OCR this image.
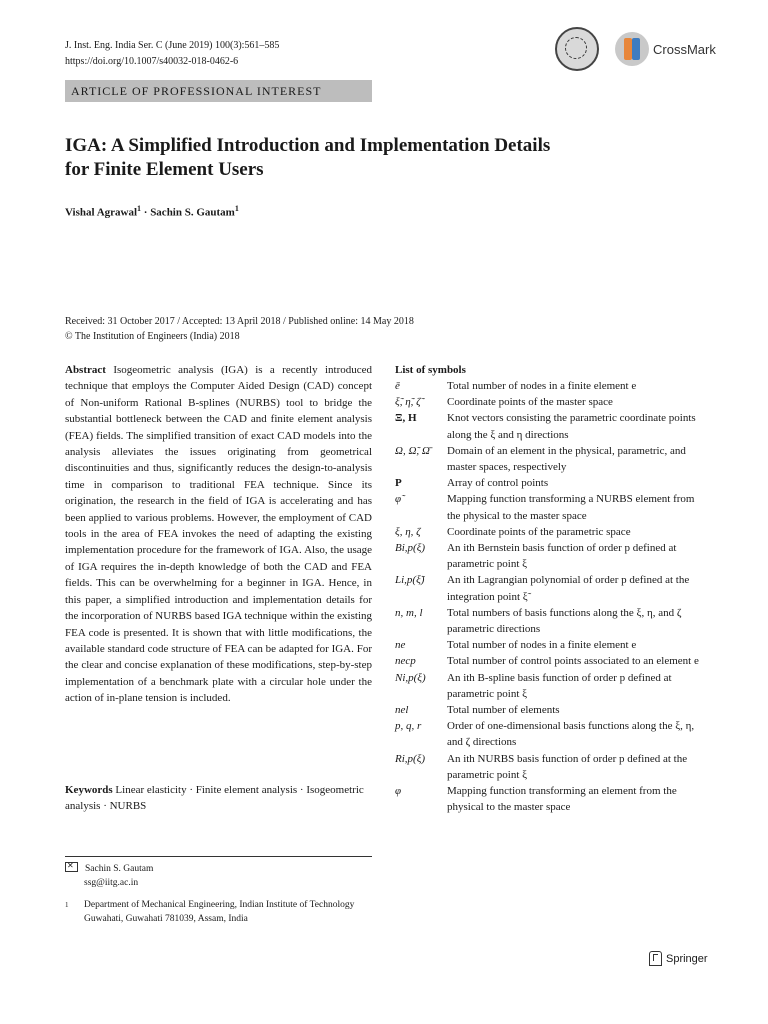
J. Inst. Eng. India Ser. C (June 2019) 100(3):561–585
https://doi.org/10.1007/s40032-018-0462-6
CrossMark
ARTICLE OF PROFESSIONAL INTEREST
IGA: A Simplified Introduction and Implementation Details
for Finite Element Users
Vishal Agrawal$^1$ · Sachin S. Gautam$^1$
Received: 31 October 2017 / Accepted: 13 April 2018 / Published online: 14 May 2018
© The Institution of Engineers (India) 2018
Abstract Isogeometric analysis (IGA) is a recently introduced technique that employs the Computer Aided Design (CAD) concept of Non-uniform Rational B-splines (NURBS) tool to bridge the substantial bottleneck between the CAD and finite element analysis (FEA) fields. The simplified transition of exact CAD models into the analysis alleviates the issues originating from geometrical discontinuities and thus, significantly reduces the design-to-analysis time in comparison to traditional FEA technique. Since its origination, the research in the field of IGA is accelerating and has been applied to various problems. However, the employment of CAD tools in the area of FEA invokes the need of adapting the existing implementation procedure for the framework of IGA. Also, the usage of IGA requires the in-depth knowledge of both the CAD and FEA fields. This can be overwhelming for a beginner in IGA. Hence, in this paper, a simplified introduction and implementation details for the incorporation of NURBS based IGA technique within the existing FEA code is presented. It is shown that with little modifications, the available standard code structure of FEA can be adapted for IGA. For the clear and concise explanation of these modifications, step-by-step implementation of a benchmark plate with a circular hole under the action of in-plane tension is included.
Keywords Linear elasticity · Finite element analysis · Isogeometric analysis · NURBS
✕Sachin S. Gautam
ssg@iitg.ac.in
1	Department of Mechanical Engineering, Indian Institute of Technology Guwahati, Guwahati 781039, Assam, India
List of symbols
ē	Total number of nodes in a finite element e
ξ̃, η̃, ζ̃	Coordinate points of the master space
Ξ, H	Knot vectors consisting the parametric coordinate points along the ξ and η directions
Ω, Ω̃, Ω̄	Domain of an element in the physical, parametric, and master spaces, respectively
P	Array of control points
φ̃	Mapping function transforming a NURBS element from the physical to the master space
ξ, η, ζ	Coordinate points of the parametric space
Bi,p(ξ)	An ith Bernstein basis function of order p defined at parametric point ξ
Li,p(ξ̃)	An ith Lagrangian polynomial of order p defined at the integration point ξ̃
n, m, l	Total numbers of basis functions along the ξ, η, and ζ parametric directions
ne	Total number of nodes in a finite element e
necp	Total number of control points associated to an element e
Ni,p(ξ)	An ith B-spline basis function of order p defined at parametric point ξ
nel	Total number of elements
p, q, r	Order of one-dimensional basis functions along the ξ, η, and ζ directions
Ri,p(ξ)	An ith NURBS basis function of order p defined at the parametric point ξ
φ	Mapping function transforming an element from the physical to the master space
Springer
